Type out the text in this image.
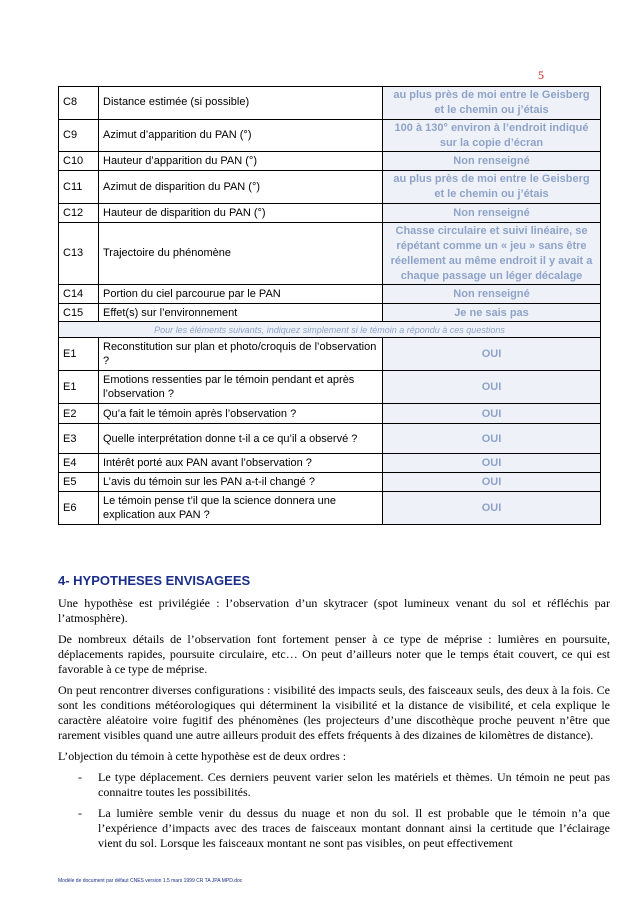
5
C8	Distance estimée (si possible)	au plus près de moi entre le Geisberg et le chemin ou j’étais
C9	Azimut d’apparition du PAN (°)	100 à 130° environ à l’endroit indiqué sur la copie d’écran
C10	Hauteur d’apparition du PAN (°)	Non renseigné
C11	Azimut de disparition du PAN (°)	au plus près de moi entre le Geisberg et le chemin ou j’étais
C12	Hauteur de disparition du PAN (°)	Non renseigné
C13	Trajectoire du phénomène	Chasse circulaire et suivi linéaire, se répétant comme un « jeu » sans être réellement au même endroit il y avait a chaque passage un léger décalage
C14	Portion du ciel parcourue par le PAN	Non renseigné
C15	Effet(s) sur l’environnement	Je ne sais pas
Pour les éléments suivants, indiquez simplement si le témoin a répondu à ces questions		
E1	Reconstitution sur plan et photo/croquis de l’observation ?	OUI
E1	Emotions ressenties par le témoin pendant et après l’observation ?	OUI
E2	Qu’a fait le témoin après l’observation ?	OUI
E3	Quelle interprétation donne t-il a ce qu’il a observé ?	OUI
E4	Intérêt porté aux PAN avant l’observation ?	OUI
E5	L’avis du témoin sur les PAN a-t-il changé ?	OUI
E6	Le témoin pense t’il que la science donnera une explication aux PAN ?	OUI
4- HYPOTHESES ENVISAGEES

Une hypothèse est privilégiée : l’observation d’un skytracer (spot lumineux venant du sol et réfléchis par l’atmosphère).

De nombreux détails de l’observation font fortement penser à ce type de méprise : lumières en poursuite, déplacements rapides, poursuite circulaire, etc… On peut d’ailleurs noter que le temps était couvert, ce qui est favorable à ce type de méprise.

On peut rencontrer diverses configurations : visibilité des impacts seuls, des faisceaux seuls, des deux à la fois. Ce sont les conditions météorologiques qui déterminent la visibilité et la distance de visibilité, et cela explique le caractère aléatoire voire fugitif des phénomènes (les projecteurs d’une discothèque proche peuvent n’être que rarement visibles quand une autre ailleurs produit des effets fréquents à des dizaines de kilomètres de distance).

L’objection du témoin à cette hypothèse est de deux ordres :

- Le type déplacement. Ces derniers peuvent varier selon les matériels et thèmes. Un témoin ne peut pas connaitre toutes les possibilités.
- La lumière semble venir du dessus du nuage et non du sol. Il est probable que le témoin n’a que l’expérience d’impacts avec des traces de faisceaux montant donnant ainsi la certitude que l’éclairage vient du sol. Lorsque les faisceaux montant ne sont pas visibles, on peut effectivement
Modèle de document par défaut CNES version 1.5 mars 1999 CR TA JPA MPD.doc
